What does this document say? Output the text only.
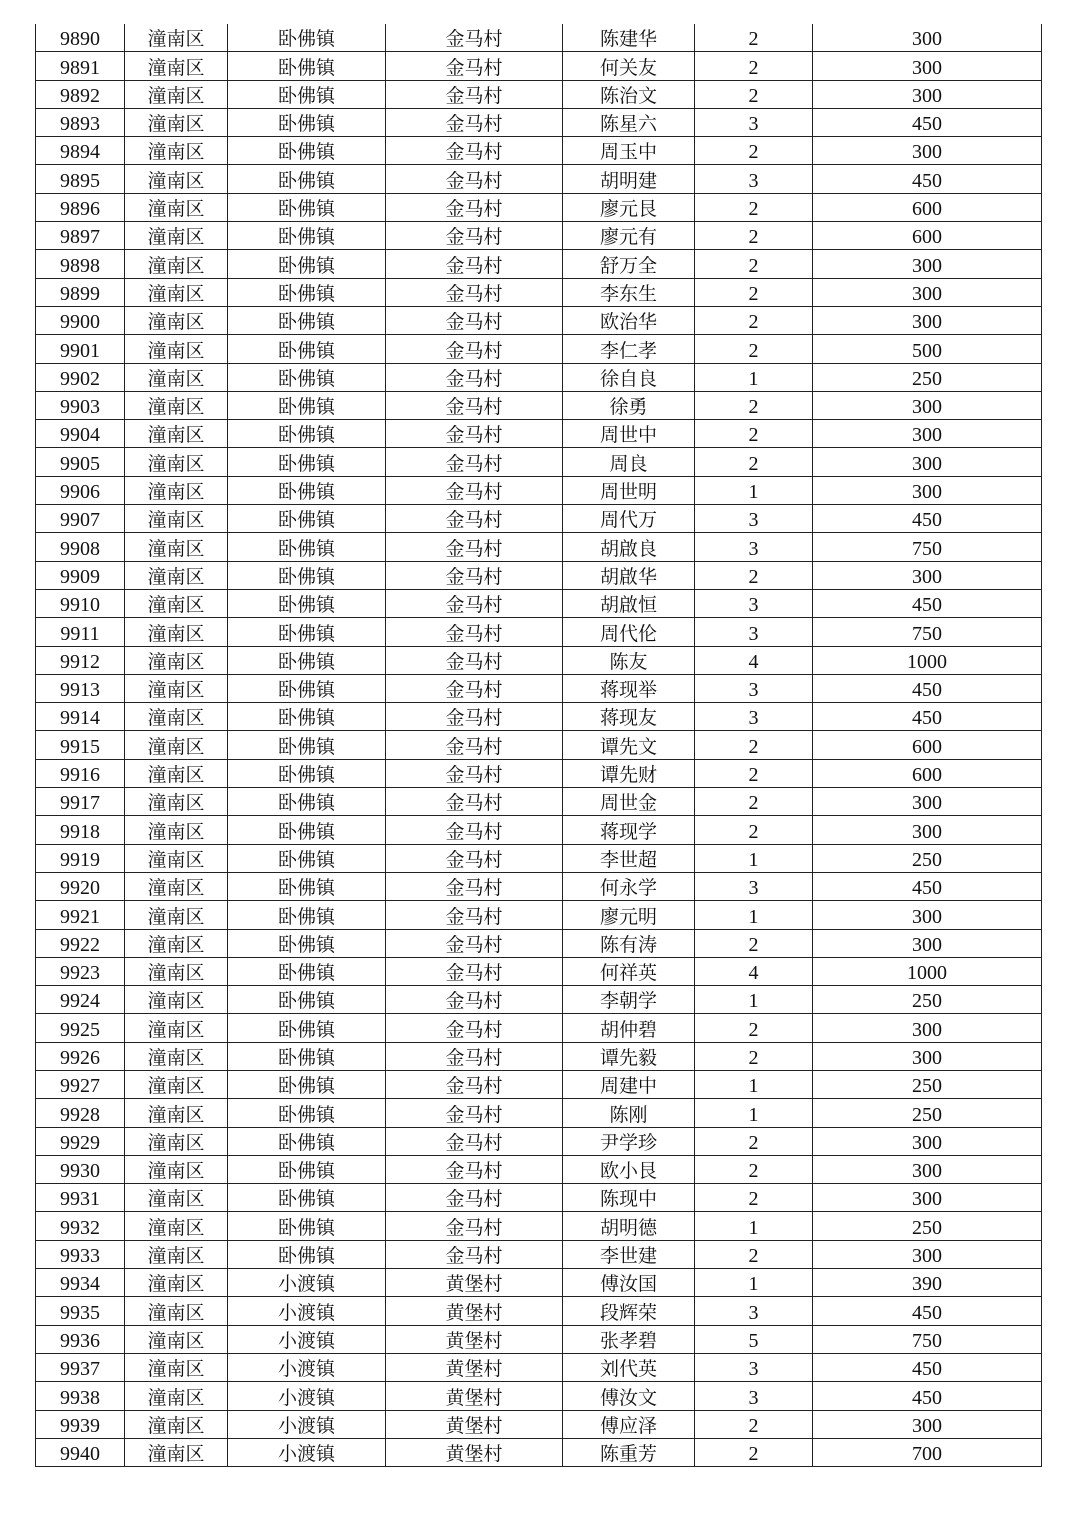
9890	潼南区	卧佛镇	金马村	陈建华	2	300
9891	潼南区	卧佛镇	金马村	何关友	2	300
9892	潼南区	卧佛镇	金马村	陈治文	2	300
9893	潼南区	卧佛镇	金马村	陈星六	3	450
9894	潼南区	卧佛镇	金马村	周玉中	2	300
9895	潼南区	卧佛镇	金马村	胡明建	3	450
9896	潼南区	卧佛镇	金马村	廖元艮	2	600
9897	潼南区	卧佛镇	金马村	廖元有	2	600
9898	潼南区	卧佛镇	金马村	舒万全	2	300
9899	潼南区	卧佛镇	金马村	李东生	2	300
9900	潼南区	卧佛镇	金马村	欧治华	2	300
9901	潼南区	卧佛镇	金马村	李仁孝	2	500
9902	潼南区	卧佛镇	金马村	徐自良	1	250
9903	潼南区	卧佛镇	金马村	徐勇	2	300
9904	潼南区	卧佛镇	金马村	周世中	2	300
9905	潼南区	卧佛镇	金马村	周良	2	300
9906	潼南区	卧佛镇	金马村	周世明	1	300
9907	潼南区	卧佛镇	金马村	周代万	3	450
9908	潼南区	卧佛镇	金马村	胡啟良	3	750
9909	潼南区	卧佛镇	金马村	胡啟华	2	300
9910	潼南区	卧佛镇	金马村	胡啟恒	3	450
9911	潼南区	卧佛镇	金马村	周代伦	3	750
9912	潼南区	卧佛镇	金马村	陈友	4	1000
9913	潼南区	卧佛镇	金马村	蒋现举	3	450
9914	潼南区	卧佛镇	金马村	蒋现友	3	450
9915	潼南区	卧佛镇	金马村	谭先文	2	600
9916	潼南区	卧佛镇	金马村	谭先财	2	600
9917	潼南区	卧佛镇	金马村	周世金	2	300
9918	潼南区	卧佛镇	金马村	蒋现学	2	300
9919	潼南区	卧佛镇	金马村	李世超	1	250
9920	潼南区	卧佛镇	金马村	何永学	3	450
9921	潼南区	卧佛镇	金马村	廖元明	1	300
9922	潼南区	卧佛镇	金马村	陈有涛	2	300
9923	潼南区	卧佛镇	金马村	何祥英	4	1000
9924	潼南区	卧佛镇	金马村	李朝学	1	250
9925	潼南区	卧佛镇	金马村	胡仲碧	2	300
9926	潼南区	卧佛镇	金马村	谭先毅	2	300
9927	潼南区	卧佛镇	金马村	周建中	1	250
9928	潼南区	卧佛镇	金马村	陈刚	1	250
9929	潼南区	卧佛镇	金马村	尹学珍	2	300
9930	潼南区	卧佛镇	金马村	欧小艮	2	300
9931	潼南区	卧佛镇	金马村	陈现中	2	300
9932	潼南区	卧佛镇	金马村	胡明德	1	250
9933	潼南区	卧佛镇	金马村	李世建	2	300
9934	潼南区	小渡镇	黄堡村	傅汝国	1	390
9935	潼南区	小渡镇	黄堡村	段辉荣	3	450
9936	潼南区	小渡镇	黄堡村	张孝碧	5	750
9937	潼南区	小渡镇	黄堡村	刘代英	3	450
9938	潼南区	小渡镇	黄堡村	傅汝文	3	450
9939	潼南区	小渡镇	黄堡村	傅应泽	2	300
9940	潼南区	小渡镇	黄堡村	陈重芳	2	700
